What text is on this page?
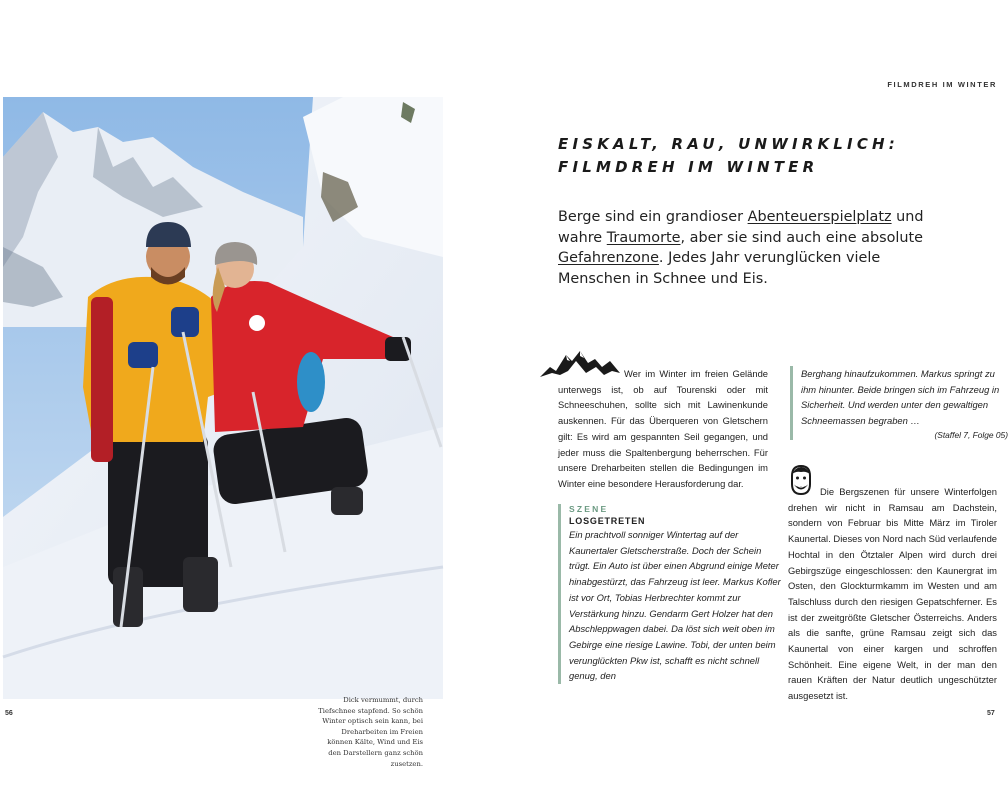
FILMDREH IM WINTER
Dick vermummt, durch Tiefschnee stapfend. So schön Winter optisch sein kann, bei Dreharbeiten im Freien können Kälte, Wind und Eis den Darstellern ganz schön zusetzen.
56	57
EISKALT, RAU, UNWIRKLICH:
FILMDREH IM WINTER

Berge sind ein grandioser Abenteuerspielplatz und wahre Traumorte, aber sie sind auch eine absolute Gefahrenzone. Jedes Jahr verunglücken viele Menschen in Schnee und Eis.

Wer im Winter im freien Gelände unterwegs ist, ob auf Tourenski oder mit Schneeschuhen, sollte sich mit Lawinenkunde auskennen. Für das Überqueren von Gletschern gilt: Es wird am gespannten Seil gegangen, und jeder muss die Spaltenbergung beherrschen. Für unsere Dreharbeiten stellen die Bedingungen im Winter eine besondere Herausforderung dar.

SZENE
LOSGETRETEN

Ein prachtvoll sonniger Wintertag auf der Kaunertaler Gletscherstraße. Doch der Schein trügt. Ein Auto ist über einen Abgrund einige Meter hinabgestürzt, das Fahrzeug ist leer. Markus Kofler ist vor Ort, Tobias Herbrechter kommt zur Verstärkung hinzu. Gendarm Gert Holzer hat den Abschleppwagen dabei. Da löst sich weit oben im Gebirge eine riesige Lawine. Tobi, der unten beim verunglückten Pkw ist, schafft es nicht schnell genug, den

Berghang hinaufzukommen. Markus springt zu ihm hinunter. Beide bringen sich im Fahrzeug in Sicherheit. Und werden unter den gewaltigen Schneemassen begraben …

(Staffel 7, Folge 05)

Die Bergszenen für unsere Winterfolgen drehen wir nicht in Ramsau am Dachstein, sondern von Februar bis Mitte März im Tiroler Kaunertal. Dieses von Nord nach Süd verlaufende Hochtal in den Ötztaler Alpen wird durch drei Gebirgszüge eingeschlossen: den Kaunergrat im Osten, den Glockturmkamm im Westen und am Talschluss durch den riesigen Gepatschferner. Es ist der zweitgrößte Gletscher Österreichs. Anders als die sanfte, grüne Ramsau zeigt sich das Kaunertal von einer kargen und schroffen Schönheit. Eine eigene Welt, in der man den rauen Kräften der Natur deutlich ungeschützter ausgesetzt ist.
